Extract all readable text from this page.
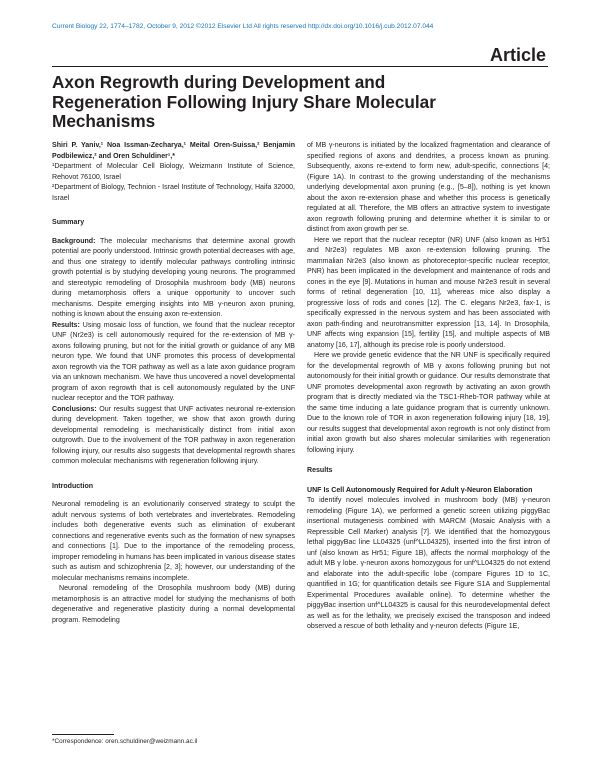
Current Biology 22, 1774–1782, October 9, 2012 ©2012 Elsevier Ltd All rights reserved http://dx.doi.org/10.1016/j.cub.2012.07.044
Article
Axon Regrowth during Development and Regeneration Following Injury Share Molecular Mechanisms

Shiri P. Yaniv,¹ Noa Issman-Zecharya,¹ Meital Oren-Suissa,² Benjamin Podbilewicz,² and Oren Schuldiner¹,*

¹Department of Molecular Cell Biology, Weizmann Institute of Science, Rehovot 76100, Israel

²Department of Biology, Technion - Israel Institute of Technology, Haifa 32000, Israel

Summary

Background: The molecular mechanisms that determine axonal growth potential are poorly understood. Intrinsic growth potential decreases with age, and thus one strategy to identify molecular pathways controlling intrinsic growth potential is by studying developing young neurons. The programmed and stereotypic remodeling of Drosophila mushroom body (MB) neurons during metamorphosis offers a unique opportunity to uncover such mechanisms. Despite emerging insights into MB γ-neuron axon pruning, nothing is known about the ensuing axon re-extension.

Results: Using mosaic loss of function, we found that the nuclear receptor UNF (Nr2e3) is cell autonomously required for the re-extension of MB γ-axons following pruning, but not for the initial growth or guidance of any MB neuron type. We found that UNF promotes this process of developmental axon regrowth via the TOR pathway as well as a late axon guidance program via an unknown mechanism. We have thus uncovered a novel developmental program of axon regrowth that is cell autonomously regulated by the UNF nuclear receptor and the TOR pathway.

Conclusions: Our results suggest that UNF activates neuronal re-extension during development. Taken together, we show that axon growth during developmental remodeling is mechanistically distinct from initial axon outgrowth. Due to the involvement of the TOR pathway in axon regeneration following injury, our results also suggests that developmental regrowth shares common molecular mechanisms with regeneration following injury.

Introduction

Neuronal remodeling is an evolutionarily conserved strategy to sculpt the adult nervous systems of both vertebrates and invertebrates. Remodeling includes both degenerative events such as elimination of exuberant connections and regenerative events such as the formation of new synapses and connections [1]. Due to the importance of the remodeling process, improper remodeling in humans has been implicated in various disease states such as autism and schizophrenia [2, 3]; however, our understanding of the molecular mechanisms remains incomplete.

Neuronal remodeling of the Drosophila mushroom body (MB) during metamorphosis is an attractive model for studying the mechanisms of both degenerative and regenerative plasticity during a normal developmental program. Remodeling

of MB γ-neurons is initiated by the localized fragmentation and clearance of specified regions of axons and dendrites, a process known as pruning. Subsequently, axons re-extend to form new, adult-specific, connections [4; (Figure 1A). In contrast to the growing understanding of the mechanisms underlying developmental axon pruning (e.g., [5–8]), nothing is yet known about the axon re-extension phase and whether this process is genetically regulated at all. Therefore, the MB offers an attractive system to investigate axon regrowth following pruning and determine whether it is similar to or distinct from axon growth per se.

Here we report that the nuclear receptor (NR) UNF (also known as Hr51 and Nr2e3) regulates MB axon re-extension following pruning. The mammalian Nr2e3 (also known as photoreceptor-specific nuclear receptor, PNR) has been implicated in the development and maintenance of rods and cones in the eye [9]. Mutations in human and mouse Nr2e3 result in several forms of retinal degeneration [10, 11], whereas mice also display a progressive loss of rods and cones [12]. The C. elegans Nr2e3, fax-1, is specifically expressed in the nervous system and has been associated with axon path-finding and neurotransmitter expression [13, 14]. In Drosophila, UNF affects wing expansion [15], fertility [15], and multiple aspects of MB anatomy [16, 17], although its precise role is poorly understood.

Here we provide genetic evidence that the NR UNF is specifically required for the developmental regrowth of MB γ axons following pruning but not autonomously for their initial growth or guidance. Our results demonstrate that UNF promotes developmental axon regrowth by activating an axon growth program that is directly mediated via the TSC1-Rheb-TOR pathway while at the same time inducing a late guidance program that is currently unknown. Due to the known role of TOR in axon regeneration following injury [18, 19], our results suggest that developmental axon regrowth is not only distinct from initial axon growth but also shares molecular similarities with regeneration following injury.

Results

UNF Is Cell Autonomously Required for Adult γ-Neuron Elaboration

To identify novel molecules involved in mushroom body (MB) γ-neuron remodeling (Figure 1A), we performed a genetic screen utilizing piggyBac insertional mutagenesis combined with MARCM (Mosaic Analysis with a Repressible Cell Marker) analysis [7]. We identified that the homozygous lethal piggyBac line LL04325 (unf^LL04325), inserted into the first intron of unf (also known as Hr51; Figure 1B), affects the normal morphology of the adult MB γ lobe. γ-neuron axons homozygous for unf^LL04325 do not extend and elaborate into the adult-specific lobe (compare Figures 1D to 1C, quantified in 1G; for quantification details see Figure S1A and Supplemental Experimental Procedures available online). To determine whether the piggyBac insertion unf^LL04325 is causal for this neurodevelopmental defect as well as for the lethality, we precisely excised the transposon and indeed observed a rescue of both lethality and γ-neuron defects (Figure 1E,

*Correspondence: oren.schuldiner@weizmann.ac.il
